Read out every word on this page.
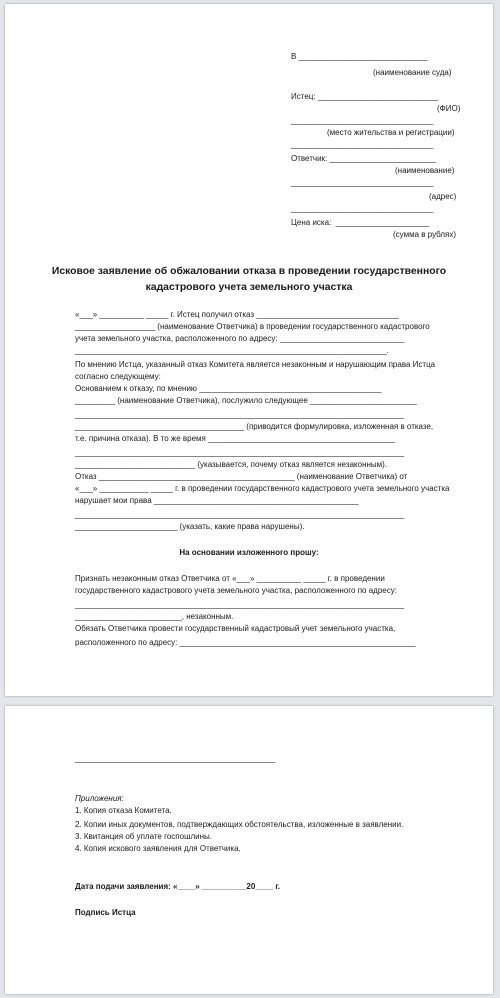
В _____________________________
(наименование суда)
Истец: ___________________________
(ФИО)
________________________________
(место жительства и регистрации)
________________________________
Ответчик: ________________________
(наименование)
________________________________
(адрес)
________________________________
Цена иска:  _____________________
(сумма в рублях)
Исковое заявление об обжаловании отказа в проведении государственного
кадастрового учета земельного участка
«___» __________ _____ г. Истец получил отказ ________________________________
__________________ (наименование Ответчика) в проведении государственного кадастрового
учета земельного участка, расположенного по адресу: ____________________________
______________________________________________________________________.
По мнению Истца, указанный отказ Комитета является незаконным и нарушающим права Истца
согласно следующему:
Основанием к отказу, по мнению _________________________________________
_________ (наименование Ответчика), послужило следующее ________________________
__________________________________________________________________________
______________________________________ (приводится формулировка, изложенная в отказе,
т.е. причина отказа). В то же время __________________________________________
__________________________________________________________________________
___________________________ (указывается, почему отказ является незаконным).
Отказ ____________________________________________ (наименование Ответчика) от
«___» ___________ _____ г. в проведении государственного кадастрового учета земельного участка
нарушает мои права ______________________________________________
__________________________________________________________________________
_______________________ (указать, какие права нарушены).
На основании изложенного прошу:
Признать незаконным отказ Ответчика от «___» __________ _____ г. в проведении
государственного кадастрового учета земельного участка, расположенного по адресу:
__________________________________________________________________________
________________________, незаконным.
Обязать Ответчика провести государственный кадастровый учет земельного участка,
расположенного по адресу: _____________________________________________________
_____________________________________________
Приложения:
1. Копия отказа Комитета.
2. Копии иных документов, подтверждающих обстоятельства, изложенные в заявлении.
3. Квитанция об уплате госпошлины.
4. Копия искового заявления для Ответчика.
Дата подачи заявления: «____» __________20____ г.
Подпись Истца
